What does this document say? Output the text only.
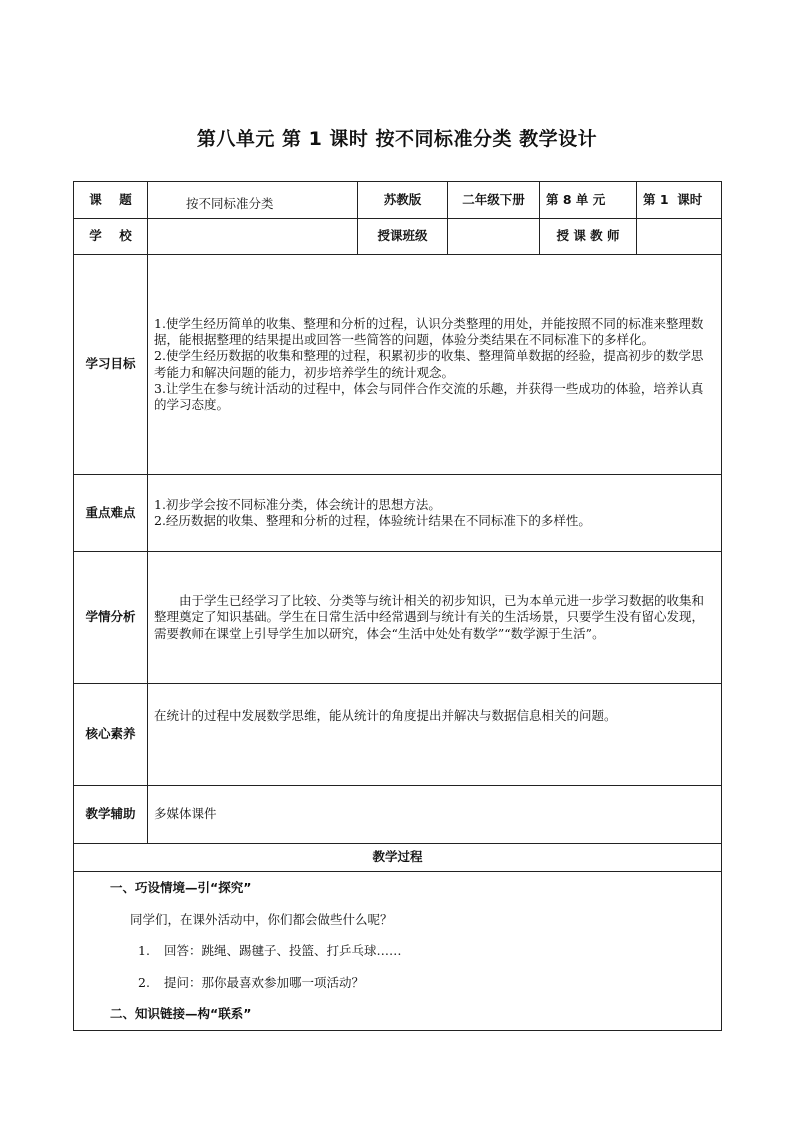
第八单元 第 1 课时 按不同标准分类 教学设计
课    题	按不同标准分类	苏教版	二年级下册	第 8 单 元	第 1  课时
学    校		授课班级		授 课 教 师	
学习目标	1.使学生经历简单的收集、整理和分析的过程，认识分类整理的用处，并能按照不同的标准来整理数据，能根据整理的结果提出或回答一些简答的问题，体验分类结果在不同标准下的多样化。

2.使学生经历数据的收集和整理的过程，积累初步的收集、整理简单数据的经验，提高初步的数学思考能力和解决问题的能力，初步培养学生的统计观念。

3.让学生在参与统计活动的过程中，体会与同伴合作交流的乐趣，并获得一些成功的体验，培养认真的学习态度。				

重点难点	1.初步学会按不同标准分类，体会统计的思想方法。

2.经历数据的收集、整理和分析的过程，体验统计结果在不同标准下的多样性。				

学情分析	由于学生已经学习了比较、分类等与统计相关的初步知识，已为本单元进一步学习数据的收集和整理奠定了知识基础。学生在日常生活中经常遇到与统计有关的生活场景，只要学生没有留心发现，需要教师在课堂上引导学生加以研究，体会“生活中处处有数学”“数学源于生活”。				

核心素养	在统计的过程中发展数学思维，能从统计的角度提出并解决与数据信息相关的问题。				

教学辅助	多媒体课件				
教学过程					

一、巧设情境—引“探究”
同学们，在课外活动中，你们都会做些什么呢？
1. 回答：跳绳、踢毽子、投篮、打乒乓球……
2. 提问：那你最喜欢参加哪一项活动？
二、知识链接—构“联系”					
